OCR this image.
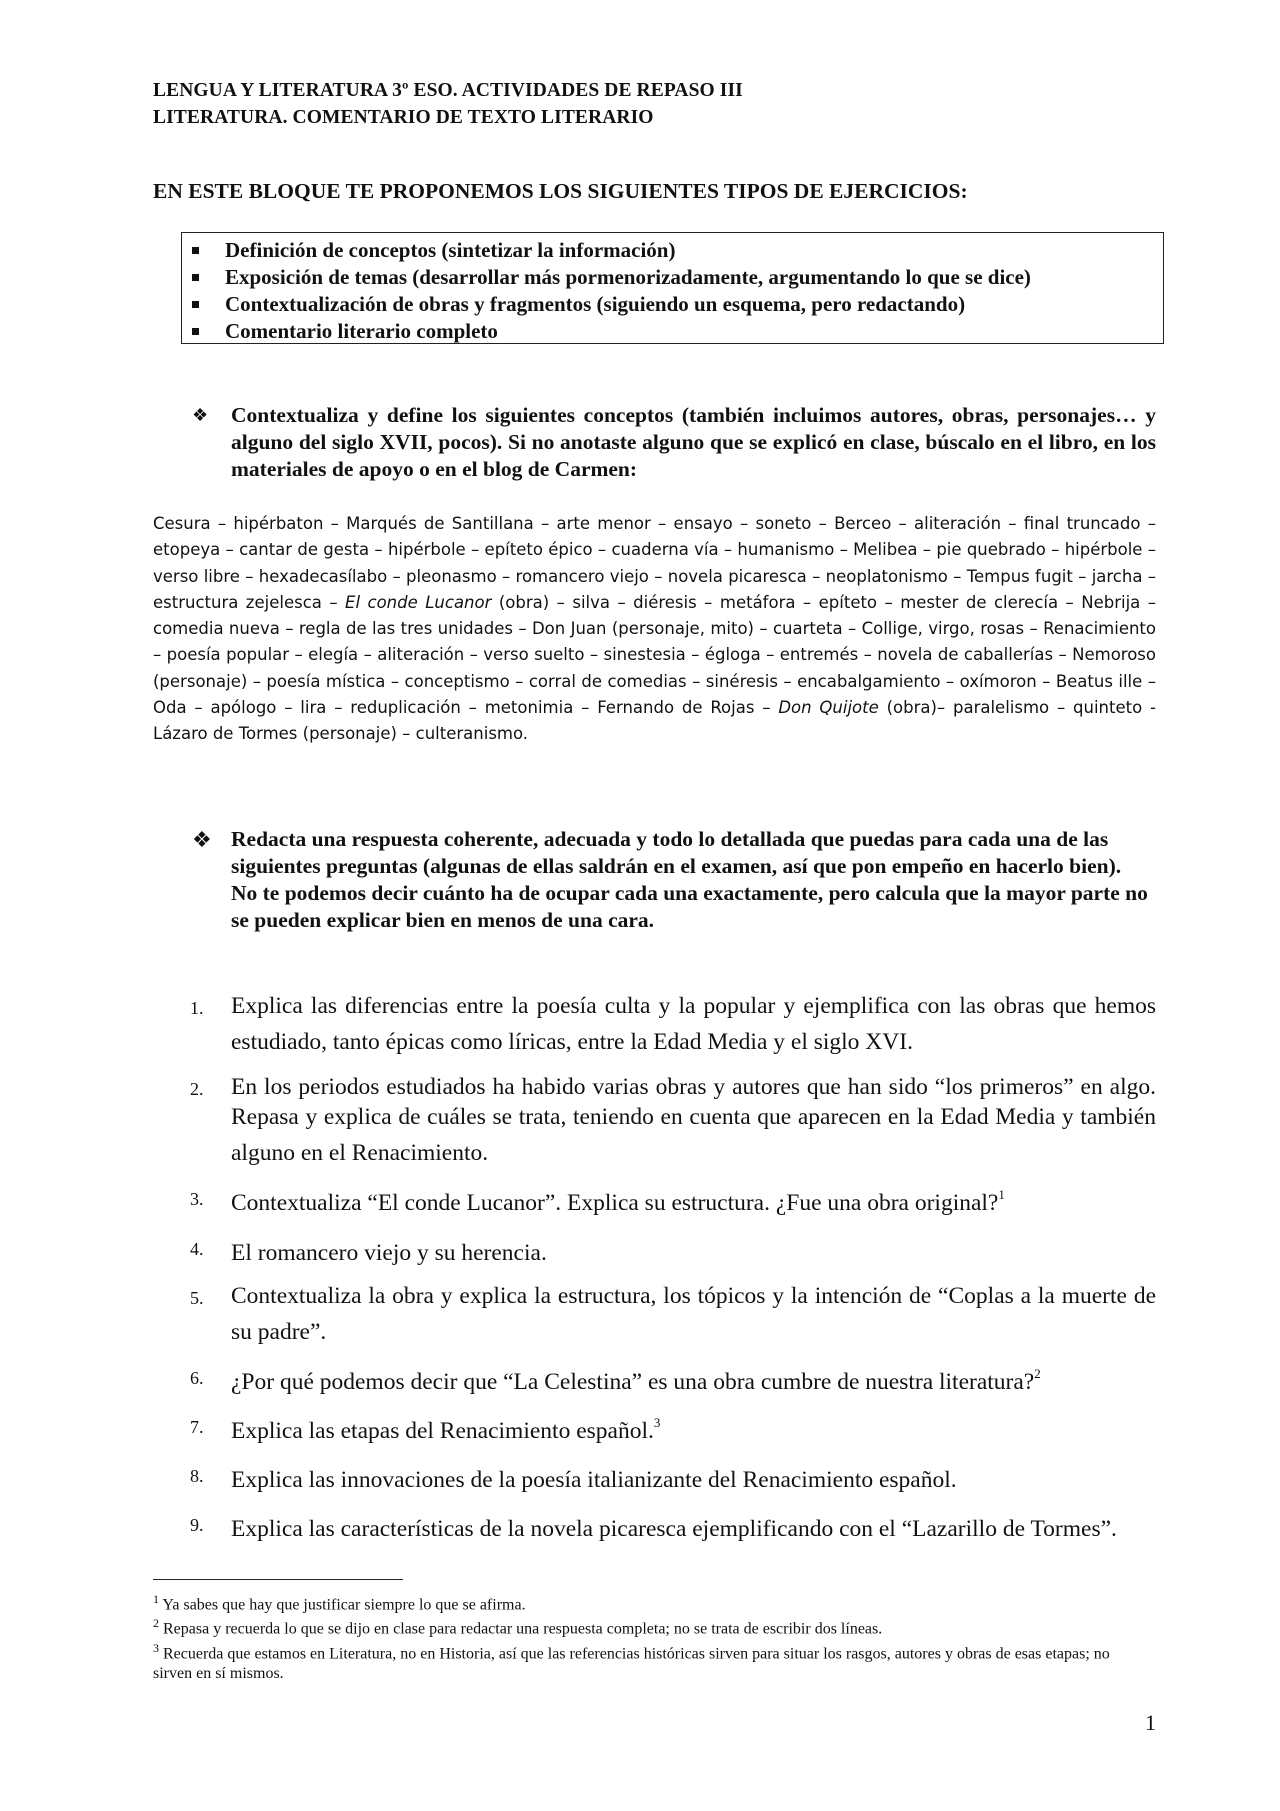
LENGUA Y LITERATURA 3º ESO. ACTIVIDADES DE REPASO III
LITERATURA. COMENTARIO DE TEXTO LITERARIO
EN ESTE BLOQUE TE PROPONEMOS LOS SIGUIENTES TIPOS DE EJERCICIOS:
Definición de conceptos (sintetizar la información)
Exposición de temas (desarrollar más pormenorizadamente, argumentando lo que se dice)
Contextualización de obras y fragmentos (siguiendo un esquema, pero redactando)
Comentario literario completo
❖ Contextualiza y define los siguientes conceptos (también incluimos autores, obras, personajes… y alguno del siglo XVII, pocos). Si no anotaste alguno que se explicó en clase, búscalo en el libro, en los materiales de apoyo o en el blog de Carmen:
Cesura – hipérbaton – Marqués de Santillana – arte menor – ensayo – soneto – Berceo – aliteración – final truncado – etopeya – cantar de gesta – hipérbole – epíteto épico – cuaderna vía – humanismo – Melibea – pie quebrado – hipérbole – verso libre – hexadecasílabo – pleonasmo – romancero viejo – novela picaresca – neoplatonismo – Tempus fugit – jarcha – estructura zejelesca – El conde Lucanor (obra) – silva – diéresis – metáfora – epíteto – mester de clerecía – Nebrija – comedia nueva – regla de las tres unidades – Don Juan (personaje, mito) – cuarteta – Collige, virgo, rosas – Renacimiento – poesía popular – elegía – aliteración – verso suelto – sinestesia – égloga – entremés – novela de caballerías – Nemoroso (personaje) – poesía mística – conceptismo – corral de comedias – sinéresis – encabalgamiento – oxímoron – Beatus ille – Oda – apólogo – lira – reduplicación – metonimia – Fernando de Rojas – Don Quijote (obra)– paralelismo – quinteto - Lázaro de Tormes (personaje) – culteranismo.
❖ Redacta una respuesta coherente, adecuada y todo lo detallada que puedas para cada una de las siguientes preguntas (algunas de ellas saldrán en el examen, así que pon empeño en hacerlo bien).
No te podemos decir cuánto ha de ocupar cada una exactamente, pero calcula que la mayor parte no se pueden explicar bien en menos de una cara.
1. Explica las diferencias entre la poesía culta y la popular y ejemplifica con las obras que hemos estudiado, tanto épicas como líricas, entre la Edad Media y el siglo XVI.
2. En los periodos estudiados ha habido varias obras y autores que han sido “los primeros” en algo. Repasa y explica de cuáles se trata, teniendo en cuenta que aparecen en la Edad Media y también alguno en el Renacimiento.
3. Contextualiza “El conde Lucanor”. Explica su estructura. ¿Fue una obra original?$^1$
4. El romancero viejo y su herencia.
5. Contextualiza la obra y explica la estructura, los tópicos y la intención de “Coplas a la muerte de su padre”.
6. ¿Por qué podemos decir que “La Celestina” es una obra cumbre de nuestra literatura?$^2$
7. Explica las etapas del Renacimiento español.$^3$
8. Explica las innovaciones de la poesía italianizante del Renacimiento español.
9. Explica las características de la novela picaresca ejemplificando con el “Lazarillo de Tormes”.
$^1$ Ya sabes que hay que justificar siempre lo que se afirma.
$^2$ Repasa y recuerda lo que se dijo en clase para redactar una respuesta completa; no se trata de escribir dos líneas.
$^3$ Recuerda que estamos en Literatura, no en Historia, así que las referencias históricas sirven para situar los rasgos, autores y obras de esas etapas; no sirven en sí mismos.
1
